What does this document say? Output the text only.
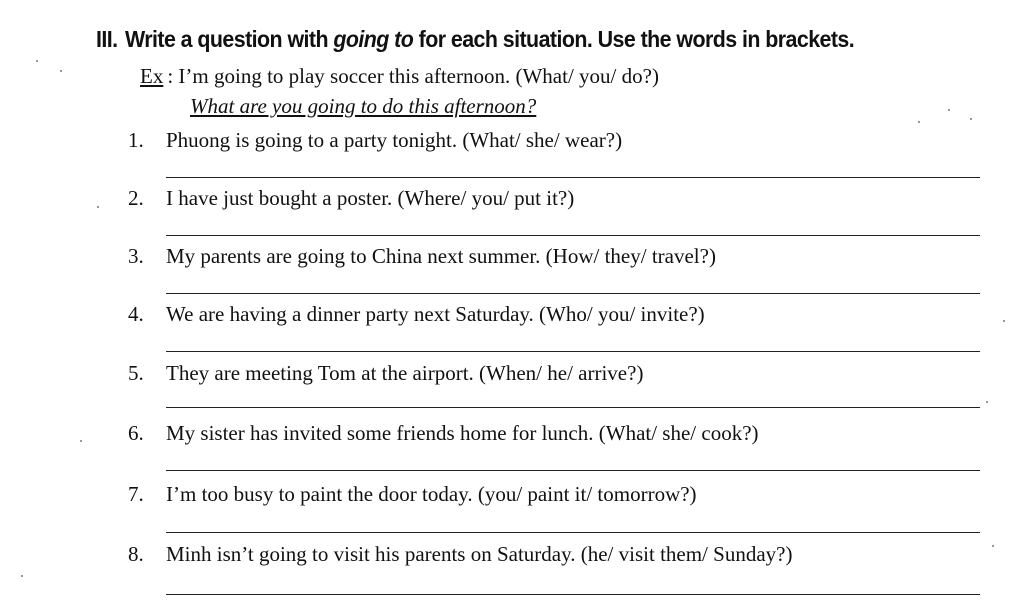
III. Write a question with going to for each situation. Use the words in brackets.
Ex : I’m going to play soccer this afternoon. (What/ you/ do?)
What are you going to do this afternoon?
1. Phuong is going to a party tonight. (What/ she/ wear?)
2. I have just bought a poster. (Where/ you/ put it?)
3. My parents are going to China next summer. (How/ they/ travel?)
4. We are having a dinner party next Saturday. (Who/ you/ invite?)
5. They are meeting Tom at the airport. (When/ he/ arrive?)
6. My sister has invited some friends home for lunch. (What/ she/ cook?)
7. I’m too busy to paint the door today. (you/ paint it/ tomorrow?)
8. Minh isn’t going to visit his parents on Saturday. (he/ visit them/ Sunday?)
